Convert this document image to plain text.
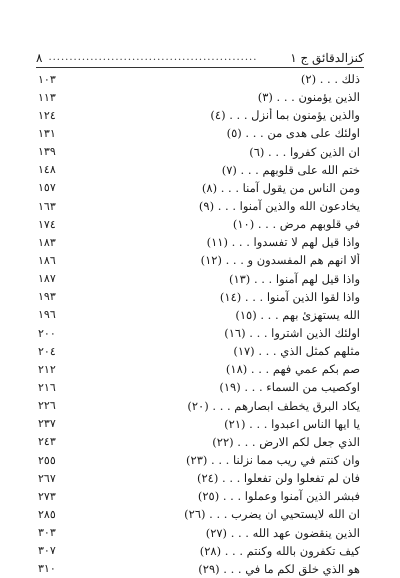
٨ ..................................................	كنزالدقائق ج ١
١٠٣	ذلك . . . (٢)
١١٣	الذين يؤمنون . . . (٣)
١٢٤	والذين يؤمنون بما أنزل . . . (٤)
١٣١	اولئك على هدى من . . . (٥)
١٣٩	ان الذين كفروا . . . (٦)
١٤٨	ختم الله على قلوبهم . . . (٧)
١٥٧	ومن الناس من يقول آمنا . . . (٨)
١٦٣	يخادعون الله والذين آمنوا . . . (٩)
١٧٤	في قلوبهم مرض . . . (١٠)
١٨٣	واذا قيل لهم لا تفسدوا . . . (١١)
١٨٦	ألا انهم هم المفسدون و . . . (١٢)
١٨٧	واذا قيل لهم آمنوا . . . (١٣)
١٩٣	واذا لقوا الذين آمنوا . . . (١٤)
١٩٦	الله يستهزئ بهم . . . (١٥)
٢٠٠	اولئك الذين اشتروا . . . (١٦)
٢٠٤	مثلهم كمثل الذي . . . (١٧)
٢١٢	صم بكم عمي فهم . . . (١٨)
٢١٦	اوكصيب من السماء . . . (١٩)
٢٢٦	يكاد البرق يخطف ابصارهم . . . (٢٠)
٢٣٧	يا ايها الناس اعبدوا . . . (٢١)
٢٤٣	الذي جعل لكم الارض . . . (٢٢)
٢٥٥	وان كنتم في ريب مما نزلنا . . . (٢٣)
٢٦٧	فان لم تفعلوا ولن تفعلوا . . . (٢٤)
٢٧٣	فبشر الذين آمنوا وعملوا . . . (٢٥)
٢٨٥	ان الله لايستحيي ان يضرب . . . (٢٦)
٣٠٣	الذين ينقضون عهد الله . . . (٢٧)
٣٠٧	كيف تكفرون بالله وكنتم . . . (٢٨)
٣١٠	هو الذي خلق لكم ما في . . . (٢٩)
